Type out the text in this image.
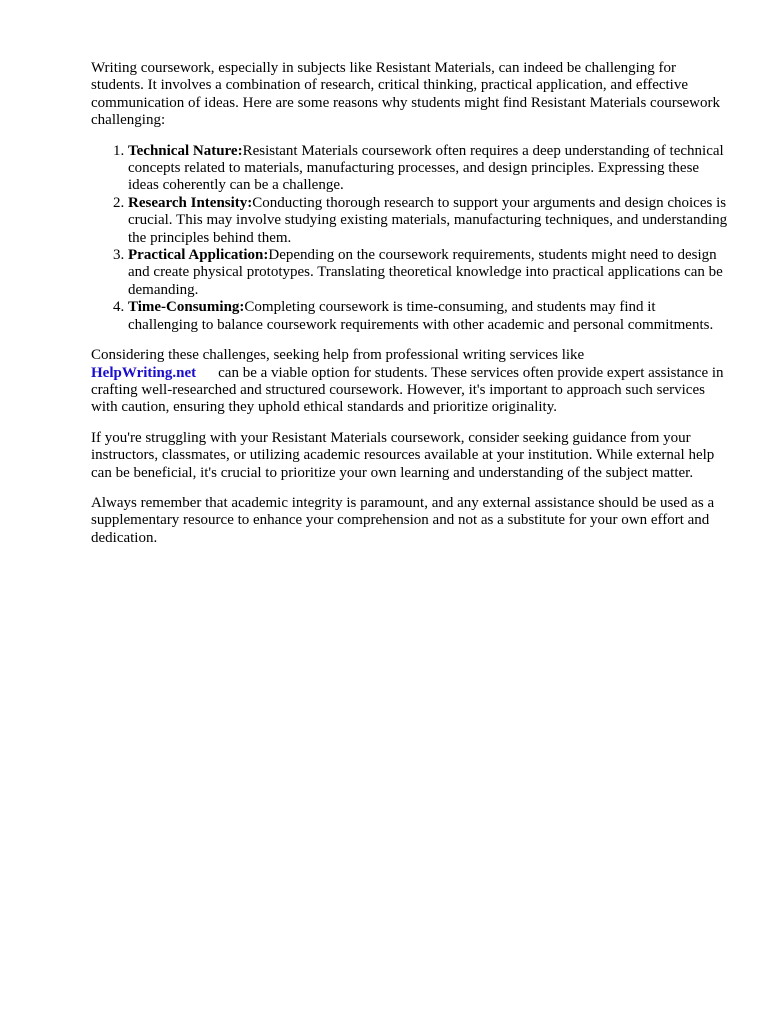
Writing coursework, especially in subjects like Resistant Materials, can indeed be challenging for students. It involves a combination of research, critical thinking, practical application, and effective communication of ideas. Here are some reasons why students might find Resistant Materials coursework challenging:

1. Technical Nature:Resistant Materials coursework often requires a deep understanding of technical concepts related to materials, manufacturing processes, and design principles. Expressing these ideas coherently can be a challenge.
2. Research Intensity:Conducting thorough research to support your arguments and design choices is crucial. This may involve studying existing materials, manufacturing techniques, and understanding the principles behind them.
3. Practical Application:Depending on the coursework requirements, students might need to design and create physical prototypes. Translating theoretical knowledge into practical applications can be demanding.
4. Time-Consuming:Completing coursework is time-consuming, and students may find it challenging to balance coursework requirements with other academic and personal commitments.

Considering these challenges, seeking help from professional writing services like
HelpWriting.net can be a viable option for students. These services often provide expert assistance in crafting well-researched and structured coursework. However, it's important to approach such services with caution, ensuring they uphold ethical standards and prioritize originality.

If you're struggling with your Resistant Materials coursework, consider seeking guidance from your instructors, classmates, or utilizing academic resources available at your institution. While external help can be beneficial, it's crucial to prioritize your own learning and understanding of the subject matter.

Always remember that academic integrity is paramount, and any external assistance should be used as a supplementary resource to enhance your comprehension and not as a substitute for your own effort and dedication.
